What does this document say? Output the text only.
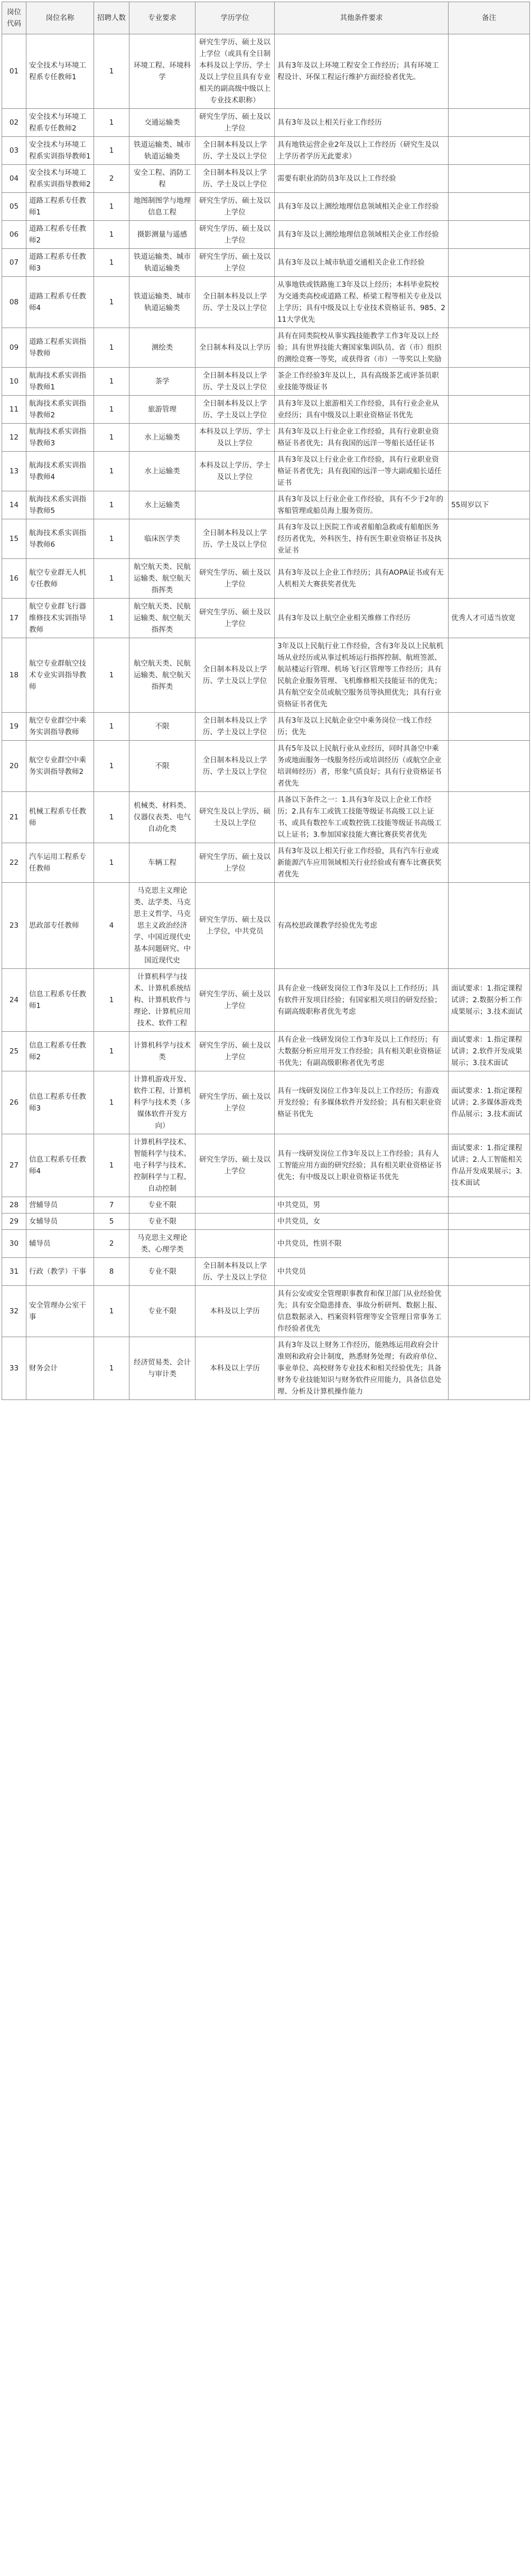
岗位代码	岗位名称	招聘人数	专业要求	学历学位	其他条件要求	备注
01	安全技术与环境工程系专任教师1	1	环境工程、环境科学	研究生学历、硕士及以上学位（或具有全日制本科及以上学历、学士及以上学位且具有专业相关的副高级中级以上专业技术职称）	具有3年及以上环境工程安全工作经历；具有环境工程设计、环保工程运行维护方面经验者优先。	
02	安全技术与环境工程系专任教师2	1	交通运输类	研究生学历、硕士及以上学位	具有3年及以上相关行业工作经历	
03	安全技术与环境工程系实训指导教师1	1	铁道运输类、城市轨道运输类	全日制本科及以上学历、学士及以上学位	具有地铁运营企业2年及以上工作经历（研究生及以上学历者学历无此要求）	
04	安全技术与环境工程系实训指导教师2	2	安全工程、消防工程	全日制本科及以上学历、学士及以上学位	需要有职业消防员3年及以上工作经验	
05	道路工程系专任教师1	1	地图制图学与地理信息工程	研究生学历、硕士及以上学位	具有3年及以上测绘地理信息领域相关企业工作经验	
06	道路工程系专任教师2	1	摄影测量与遥感	研究生学历、硕士及以上学位	具有3年及以上测绘地理信息领域相关企业工作经验	
07	道路工程系专任教师3	1	铁道运输类、城市轨道运输类	研究生学历、硕士及以上学位	具有3年及以上城市轨道交通相关企业工作经验	
08	道路工程系专任教师4	1	铁道运输类、城市轨道运输类	全日制本科及以上学历、学士及以上学位	从事地铁或铁路施工3年及以上经历；本科毕业院校为交通类高校或道路工程、桥梁工程等相关专业及以上学历；具有中级及以上专业技术资格证书、985、211大学优先	
09	道路工程系实训指导教师	1	测绘类	全日制本科及以上学历	具有在同类院校从事实践技能教学工作3年及以上经验；具有世界技能大赛国家集训队员、省（市）组织的测绘竞赛一等奖，或获得省（市）一等奖以上奖励	
10	航海技术系实训指导教师1	1	茶学	全日制本科及以上学历、学士及以上学位	茶企工作经验3年及以上，具有高级茶艺或评茶员职业技能等级证书	
11	航海技术系实训指导教师2	1	旅游管理	全日制本科及以上学历、学士及以上学位	具有3年及以上旅游相关工作经验，具有行业企业从业经历；具有中级及以上职业资格证书优先	
12	航海技术系实训指导教师3	1	水上运输类	本科及以上学历、学士及以上学位	具有3年及以上行业企业工作经验，具有行业职业资格证书者优先；具有我国的远洋一等船长适任证书	
13	航海技术系实训指导教师4	1	水上运输类	本科及以上学历、学士及以上学位	具有3年及以上行业企业工作经验，具有行业职业资格证书者优先；具有我国的远洋一等大副或船长适任证书	
14	航海技术系实训指导教师5	1	水上运输类		具有3年及以上行业企业工作经验，具有不少于2年的客船管理或船员海上服务资历。	55周岁以下
15	航海技术系实训指导教师6	1	临床医学类	全日制本科及以上学历、学士及以上学位	具有3年及以上医院工作或者船舶急救或有船舶医务经历者优先，外科医生，持有医生职业资格证书及执业证书	
16	航空专业群无人机专任教师	1	航空航天类、民航运输类、航空航天指挥类	研究生学历、硕士及以上学位	具有3年及以上企业工作经历；具有AOPA证书或有无人机相关大赛获奖者优先	
17	航空专业群飞行器维修技术实训指导教师	1	航空航天类、民航运输类、航空航天指挥类	研究生学历、硕士及以上学位	具有3年及以上航空企业相关维修工作经历	优秀人才可适当放宽
18	航空专业群航空技术专业实训指导教师	1	航空航天类、民航运输类、航空航天指挥类	全日制本科及以上学历、学士及以上学位	3年及以上民航行业工作经验，含有3年及以上民航机场从业经历或从事过机场运行指挥控制、航班签派、航站楼运行管理、机场飞行区管理等工作经历；具有民航企业服务管理、飞机维修相关技能证书的优先；具有航空安全员或航空服务员等执照优先；具有行业资格证书者优先	
19	航空专业群空中乘务实训指导教师	1	不限	全日制本科及以上学历、学士及以上学位	具有3年及以上民航企业空中乘务岗位一线工作经历；优先	
20	航空专业群空中乘务实训指导教师2	1	不限	全日制本科及以上学历、学士及以上学位	具有5年及以上民航行业从业经历，同时具备空中乘务或地面服务一线服务经历或培训经历（或航空企业培训师经历）者，形象气质良好；具有行业资格证书者优先	
21	机械工程系专任教师	1	机械类、材料类、仪器仪表类、电气自动化类	研究生及以上学历、硕士及以上学位	具备以下条件之一：1.具有3年及以上企业工作经历；2.具有车工或铣工技能等级证书高级工以上证书、或具有数控车工或数控铣工技能等级证书高级工以上证书；3.参加国家技能大赛比赛获奖者优先	
22	汽车运用工程系专任教师	1	车辆工程	研究生学历、硕士及以上学位	具有3年及以上相关行业工作经验，具有汽车行业或新能源汽车应用领域相关行业经验或有赛车比赛获奖者优先	
23	思政部专任教师	4	马克思主义理论类、法学类、马克思主义哲学、马克思主义政治经济学、中国近现代史基本问题研究、中国近现代史	研究生学历、硕士及以上学位，中共党员	有高校思政课教学经验优先考虑	
24	信息工程系专任教师1	1	计算机科学与技术、计算机系统结构、计算机软件与理论、计算机应用技术、软件工程	研究生学历、硕士及以上学位	具有企业一线研发岗位工作3年及以上工作经历；具有软件开发项目经验；有国家相关项目的研发经验；有副高级职称者优先考虑	面试要求：1.指定课程试讲；2.数据分析工作成果展示；3.技术面试
25	信息工程系专任教师2	1	计算机科学与技术类	研究生学历、硕士及以上学位	具有企业一线研发岗位工作3年及以上工作经历；有大数据分析应用开发工作经验；具有相关职业资格证书优先；有副高级职称者优先考虑	面试要求：1.指定课程试讲；2.软件开发成果展示；3.技术面试
26	信息工程系专任教师3	1	计算机游戏开发、软件工程、计算机科学与技术类（多媒体软件开发方向）	研究生学历、硕士及以上学位	具有一线研发岗位工作3年及以上工作经历；有游戏开发经验；有多媒体软件开发经验；具有相关职业资格证书优先	面试要求：1.指定课程试讲；2.多媒体游戏类作品展示；3.技术面试
27	信息工程系专任教师4	1	计算机科学技术、智能科学与技术、电子科学与技术、控制科学与工程、自动控制	研究生学历、硕士及以上学位	具有一线研发岗位工作3年及以上工作经验；具有人工智能应用方面的研究经验；具有相关职业资格证书优先；有中级及以上职业资格证书优先	面试要求：1.指定课程试讲；2.人工智能相关作品开发成果展示；3.技术面试
28	营辅导员	7	专业不限		中共党员，男	
29	女辅导员	5	专业不限		中共党员，女	
30	辅导员	2	马克思主义理论类、心理学类		中共党员，性别不限	
31	行政（教学）干事	8	专业不限	全日制本科及以上学历、学士及以上学位	中共党员	
32	安全管理办公室干事	1	专业不限	本科及以上学历	具有公安或安全管理职事教育和保卫部门从业经验优先；具有安全隐患排查、事故分析研判、数据上报、信息数据录入、档案资料管理等安全管理日常事务工作经验者优先	
33	财务会计	1	经济贸易类、会计与审计类	本科及以上学历	具有3年及以上财务工作经历，能熟练运用政府会计准则和政府会计制度，熟悉财务处理；有政府单位、事业单位、高校财务专业技术和相关经验优先；具备财务专业技能知识与财务软件应用能力，具备信息处理、分析及计算机操作能力	
